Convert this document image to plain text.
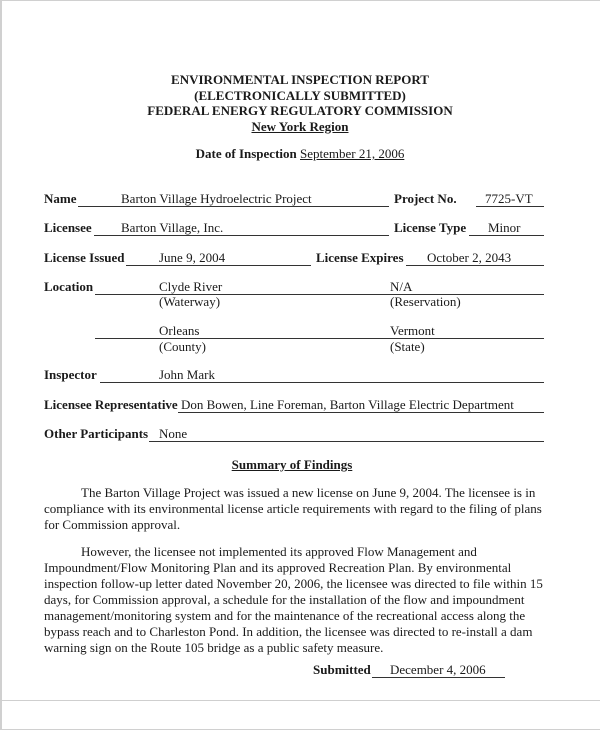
ENVIRONMENTAL INSPECTION REPORT
(ELECTRONICALLY SUBMITTED)
FEDERAL ENERGY REGULATORY COMMISSION
New York Region
Date of Inspection September 21, 2006
Name	Barton Village Hydroelectric Project	Project No. 7725-VT
Licensee Barton Village, Inc.	License Type Minor
License Issued	June 9, 2004	License Expires October 2, 2043
Location	Clyde River	N/A
(Waterway)	(Reservation)
Orleans	Vermont
(County)	(State)
Inspector	John Mark
Licensee Representative Don Bowen, Line Foreman, Barton Village Electric Department
Other Participants None
Summary of Findings

The Barton Village Project was issued a new license on June 9, 2004. The licensee is in compliance with its environmental license article requirements with regard to the filing of plans for Commission approval.

However, the licensee not implemented its approved Flow Management and Impoundment/Flow Monitoring Plan and its approved Recreation Plan. By environmental inspection follow-up letter dated November 20, 2006, the licensee was directed to file within 15 days, for Commission approval, a schedule for the installation of the flow and impoundment management/monitoring system and for the maintenance of the recreational access along the bypass reach and to Charleston Pond. In addition, the licensee was directed to re-install a dam warning sign on the Route 105 bridge as a public safety measure.

Submitted December 4, 2006
